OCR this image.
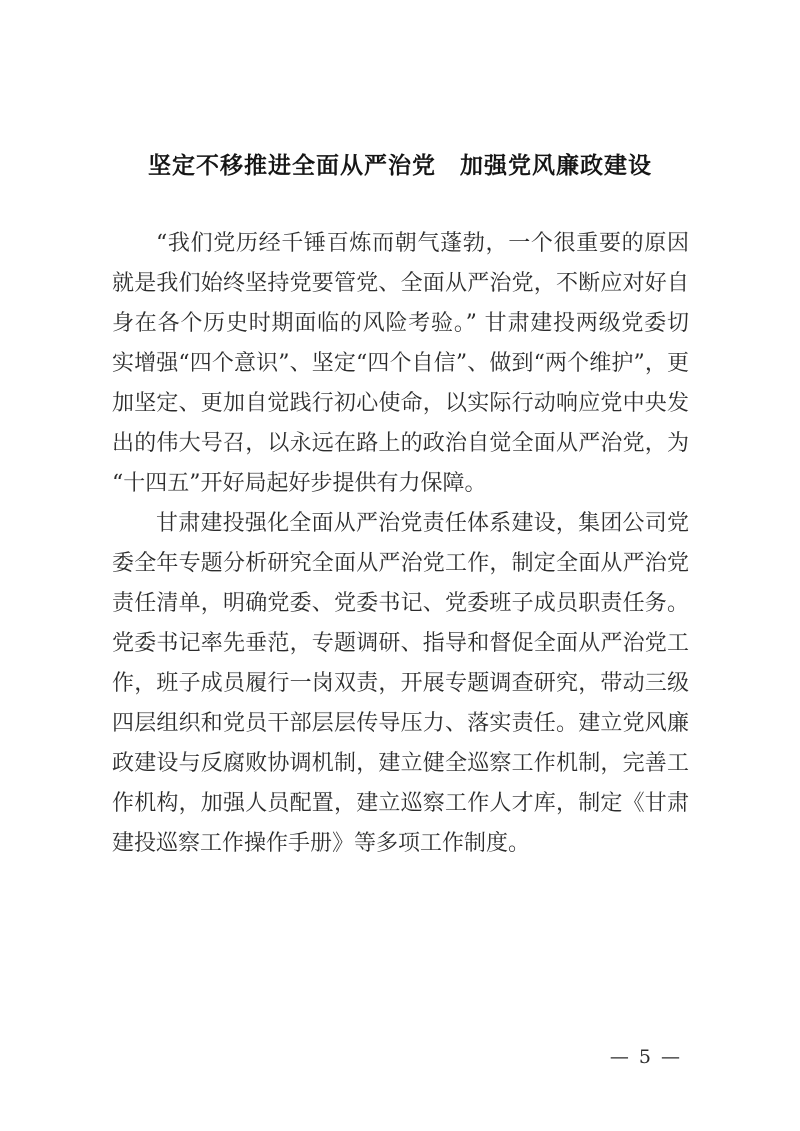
坚定不移推进全面从严治党　加强党风廉政建设

“我们党历经千锤百炼而朝气蓬勃，一个很重要的原因就是我们始终坚持党要管党、全面从严治党，不断应对好自身在各个历史时期面临的风险考验。” 甘肃建投两级党委切实增强“四个意识”、坚定“四个自信”、做到“两个维护”，更加坚定、更加自觉践行初心使命，以实际行动响应党中央发出的伟大号召，以永远在路上的政治自觉全面从严治党，为“十四五”开好局起好步提供有力保障。

甘肃建投强化全面从严治党责任体系建设，集团公司党委全年专题分析研究全面从严治党工作，制定全面从严治党责任清单，明确党委、党委书记、党委班子成员职责任务。党委书记率先垂范，专题调研、指导和督促全面从严治党工作，班子成员履行一岗双责，开展专题调查研究，带动三级四层组织和党员干部层层传导压力、落实责任。建立党风廉政建设与反腐败协调机制，建立健全巡察工作机制，完善工作机构，加强人员配置，建立巡察工作人才库，制定《甘肃建投巡察工作操作手册》等多项工作制度。

— 5 —
